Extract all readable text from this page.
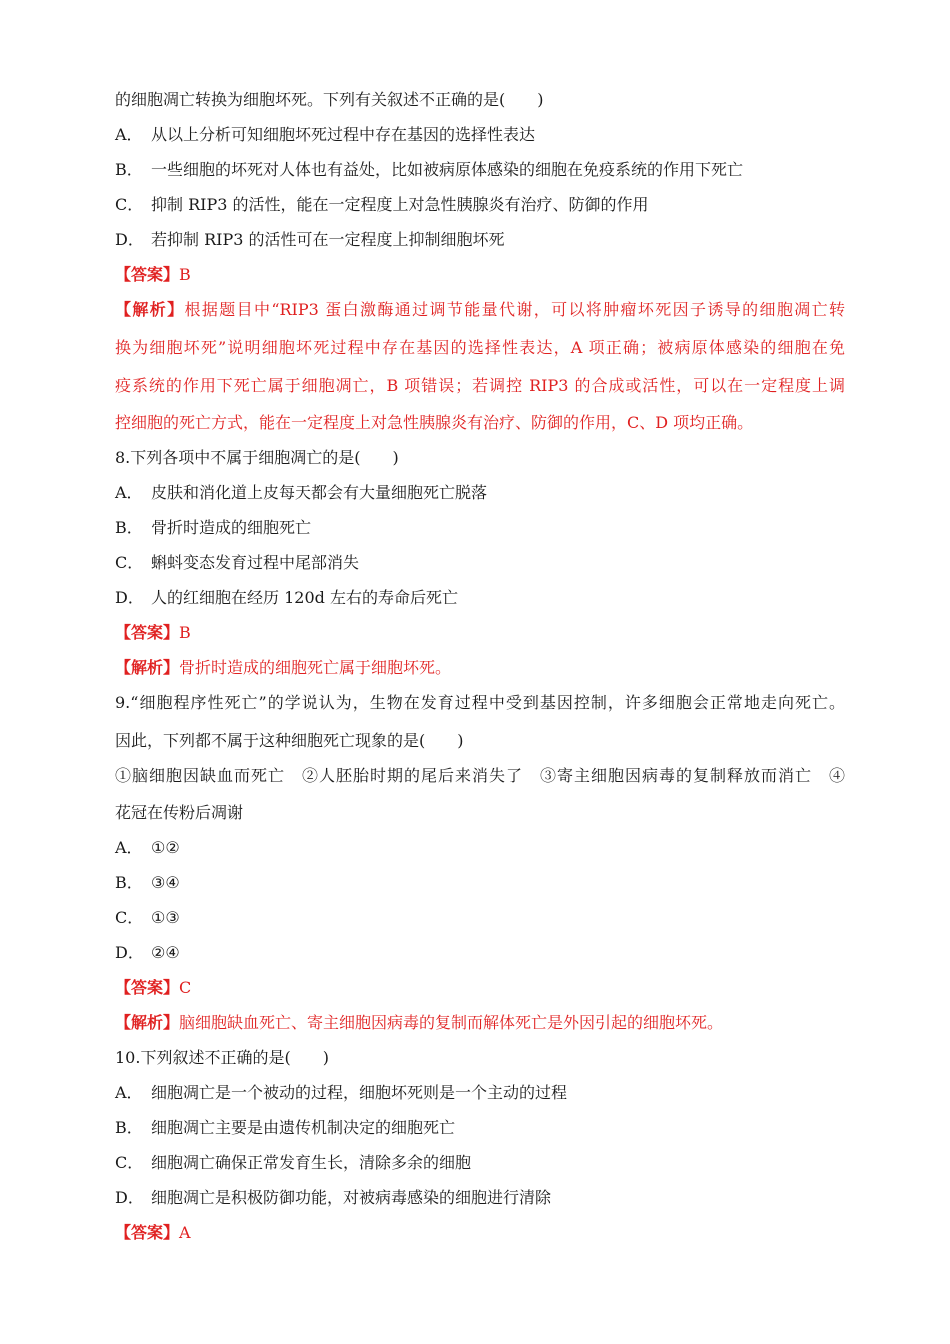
的细胞凋亡转换为细胞坏死。下列有关叙述不正确的是(　　)
A． 从以上分析可知细胞坏死过程中存在基因的选择性表达
B． 一些细胞的坏死对人体也有益处，比如被病原体感染的细胞在免疫系统的作用下死亡
C． 抑制 RIP3 的活性，能在一定程度上对急性胰腺炎有治疗、防御的作用
D． 若抑制 RIP3 的活性可在一定程度上抑制细胞坏死
【答案】B
【解析】根据题目中“RIP3 蛋白激酶通过调节能量代谢，可以将肿瘤坏死因子诱导的细胞凋亡转
换为细胞坏死”说明细胞坏死过程中存在基因的选择性表达，A 项正确；被病原体感染的细胞在免
疫系统的作用下死亡属于细胞凋亡，B 项错误；若调控 RIP3 的合成或活性，可以在一定程度上调
控细胞的死亡方式，能在一定程度上对急性胰腺炎有治疗、防御的作用，C、D 项均正确。
8.下列各项中不属于细胞凋亡的是(　　)
A． 皮肤和消化道上皮每天都会有大量细胞死亡脱落
B． 骨折时造成的细胞死亡
C． 蝌蚪变态发育过程中尾部消失
D． 人的红细胞在经历 120d 左右的寿命后死亡
【答案】B
【解析】骨折时造成的细胞死亡属于细胞坏死。
9.“细胞程序性死亡”的学说认为，生物在发育过程中受到基因控制，许多细胞会正常地走向死亡。
因此，下列都不属于这种细胞死亡现象的是(　　)
①脑细胞因缺血而死亡　②人胚胎时期的尾后来消失了　③寄主细胞因病毒的复制释放而消亡　④
花冠在传粉后凋谢
A． ①②
B． ③④
C． ①③
D． ②④
【答案】C
【解析】脑细胞缺血死亡、寄主细胞因病毒的复制而解体死亡是外因引起的细胞坏死。
10.下列叙述不正确的是(　　)
A． 细胞凋亡是一个被动的过程，细胞坏死则是一个主动的过程
B． 细胞凋亡主要是由遗传机制决定的细胞死亡
C． 细胞凋亡确保正常发育生长，清除多余的细胞
D． 细胞凋亡是积极防御功能，对被病毒感染的细胞进行清除
【答案】A
